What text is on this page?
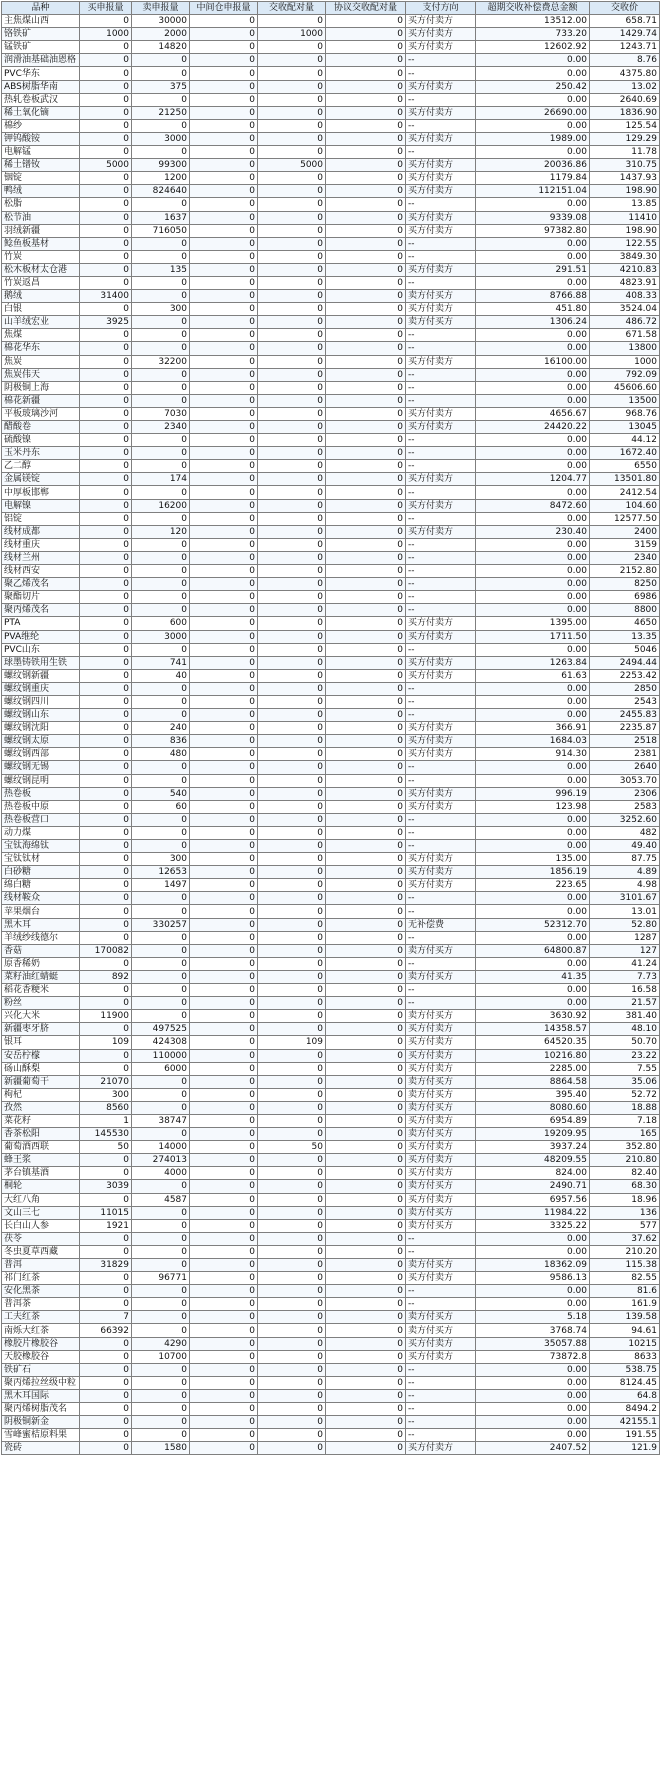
品种	买申报量	卖申报量	中间仓申报量	交收配对量	协议交收配对量	支付方向	超期交收补偿费总金额	交收价
主焦煤山西	0	30000	0	0	0	买方付卖方	13512.00	658.71
铬铁矿	1000	2000	0	1000	0	买方付卖方	733.20	1429.74
锰铁矿	0	14820	0	0	0	买方付卖方	12602.92	1243.71
润滑油基础油恩格	0	0	0	0	0	--	0.00	8.76
PVC华东	0	0	0	0	0	--	0.00	4375.80
ABS树脂华南	0	375	0	0	0	买方付卖方	250.42	13.02
热轧卷板武汉	0	0	0	0	0	--	0.00	2640.69
稀土氧化镝	0	21250	0	0	0	买方付卖方	26690.00	1836.90
棉纱	0	0	0	0	0	--	0.00	125.54
钾钨酸铵	0	3000	0	0	0	买方付卖方	1989.00	129.29
电解锰	0	0	0	0	0	--	0.00	11.78
稀土镨钕	5000	99300	0	5000	0	买方付卖方	20036.86	310.75
铟锭	0	1200	0	0	0	买方付卖方	1179.84	1437.93
鸭绒	0	824640	0	0	0	买方付卖方	112151.04	198.90
松脂	0	0	0	0	0	--	0.00	13.85
松节油	0	1637	0	0	0	买方付卖方	9339.08	11410
羽绒新疆	0	716050	0	0	0	买方付卖方	97382.80	198.90
鲶鱼板基材	0	0	0	0	0	--	0.00	122.55
竹炭	0	0	0	0	0	--	0.00	3849.30
松木板材太仓港	0	135	0	0	0	买方付卖方	291.51	4210.83
竹炭返昌	0	0	0	0	0	--	0.00	4823.91
鹅绒	31400	0	0	0	0	卖方付买方	8766.88	408.33
白银	0	300	0	0	0	买方付卖方	451.80	3524.04
山羊绒宏业	3925	0	0	0	0	卖方付买方	1306.24	486.72
焦煤	0	0	0	0	0	--	0.00	671.58
棉花华东	0	0	0	0	0	--	0.00	13800
焦炭	0	32200	0	0	0	买方付卖方	16100.00	1000
焦炭伟天	0	0	0	0	0	--	0.00	792.09
阴极铜上海	0	0	0	0	0	--	0.00	45606.60
棉花新疆	0	0	0	0	0	--	0.00	13500
平板玻璃沙河	0	7030	0	0	0	买方付卖方	4656.67	968.76
醋酸卷	0	2340	0	0	0	买方付卖方	24420.22	13045
硫酸镍	0	0	0	0	0	--	0.00	44.12
玉米丹东	0	0	0	0	0	--	0.00	1672.40
乙二醇	0	0	0	0	0	--	0.00	6550
金属镁锭	0	174	0	0	0	买方付卖方	1204.77	13501.80
中厚板邯郸	0	0	0	0	0	--	0.00	2412.54
电解镍	0	16200	0	0	0	买方付卖方	8472.60	104.60
铝锭	0	0	0	0	0	--	0.00	12577.50
线材成都	0	120	0	0	0	买方付卖方	230.40	2400
线材重庆	0	0	0	0	0	--	0.00	3159
线材兰州	0	0	0	0	0	--	0.00	2340
线材西安	0	0	0	0	0	--	0.00	2152.80
聚乙烯茂名	0	0	0	0	0	--	0.00	8250
聚酯切片	0	0	0	0	0	--	0.00	6986
聚丙烯茂名	0	0	0	0	0	--	0.00	8800
PTA	0	600	0	0	0	买方付卖方	1395.00	4650
PVA维纶	0	3000	0	0	0	买方付卖方	1711.50	13.35
PVC山东	0	0	0	0	0	--	0.00	5046
球墨铸铁用生铁	0	741	0	0	0	买方付卖方	1263.84	2494.44
螺纹钢新疆	0	40	0	0	0	买方付卖方	61.63	2253.42
螺纹钢重庆	0	0	0	0	0	--	0.00	2850
螺纹钢四川	0	0	0	0	0	--	0.00	2543
螺纹钢山东	0	0	0	0	0	--	0.00	2455.83
螺纹钢沈阳	0	240	0	0	0	买方付卖方	366.91	2235.87
螺纹钢太原	0	836	0	0	0	买方付卖方	1684.03	2518
螺纹钢西部	0	480	0	0	0	买方付卖方	914.30	2381
螺纹钢无锡	0	0	0	0	0	--	0.00	2640
螺纹钢昆明	0	0	0	0	0	--	0.00	3053.70
热卷板	0	540	0	0	0	买方付卖方	996.19	2306
热卷板中原	0	60	0	0	0	买方付卖方	123.98	2583
热卷板营口	0	0	0	0	0	--	0.00	3252.60
动力煤	0	0	0	0	0	--	0.00	482
宝钛海绵钛	0	0	0	0	0	--	0.00	49.40
宝钛钛材	0	300	0	0	0	买方付卖方	135.00	87.75
白砂糖	0	12653	0	0	0	买方付卖方	1856.19	4.89
绵白糖	0	1497	0	0	0	买方付卖方	223.65	4.98
线材鞍众	0	0	0	0	0	--	0.00	3101.67
苹果烟台	0	0	0	0	0	--	0.00	13.01
黑木耳	0	330257	0	0	0	无补偿费	52312.70	52.80
羊绒纱线德尔	0	0	0	0	0	--	0.00	1287
香菇	170082	0	0	0	0	卖方付买方	64800.87	127
原香稀奶	0	0	0	0	0	--	0.00	41.24
菜籽油红蜻蜓	892	0	0	0	0	卖方付买方	41.35	7.73
稻花香粳米	0	0	0	0	0	--	0.00	16.58
粉丝	0	0	0	0	0	--	0.00	21.57
兴化大米	11900	0	0	0	0	卖方付买方	3630.92	381.40
新疆枣牙脐	0	497525	0	0	0	买方付卖方	14358.57	48.10
银耳	109	424308	0	109	0	买方付卖方	64520.35	50.70
安岳柠檬	0	110000	0	0	0	买方付卖方	10216.80	23.22
砀山酥梨	0	6000	0	0	0	买方付卖方	2285.00	7.55
新疆葡萄干	21070	0	0	0	0	卖方付买方	8864.58	35.06
枸杞	300	0	0	0	0	卖方付买方	395.40	52.72
孜然	8560	0	0	0	0	卖方付买方	8080.60	18.88
菜花籽	1	38747	0	0	0	买方付卖方	6954.89	7.18
香茶松阳	145530	0	0	0	0	卖方付买方	19209.95	165
葡萄酒西联	50	14000	0	50	0	买方付卖方	3937.24	352.80
蜂王浆	0	274013	0	0	0	买方付卖方	48209.55	210.80
茅台镇基酒	0	4000	0	0	0	买方付卖方	824.00	82.40
桐轮	3039	0	0	0	0	卖方付买方	2490.71	68.30
大红八角	0	4587	0	0	0	买方付卖方	6957.56	18.96
文山三七	11015	0	0	0	0	卖方付买方	11984.22	136
长白山人参	1921	0	0	0	0	卖方付买方	3325.22	577
茯苓	0	0	0	0	0	--	0.00	37.62
冬虫夏草西藏	0	0	0	0	0	--	0.00	210.20
普洱	31829	0	0	0	0	卖方付买方	18362.09	115.38
祁门红茶	0	96771	0	0	0	买方付卖方	9586.13	82.55
安化黑茶	0	0	0	0	0	--	0.00	81.6
普洱茶	0	0	0	0	0	--	0.00	161.9
工夫红茶	7	0	0	0	0	卖方付买方	5.18	139.58
南烁大红茶	66392	0	0	0	0	卖方付买方	3768.74	94.61
橡胶片橡胶谷	0	4290	0	0	0	买方付卖方	35057.88	10215
天胶橡胶谷	0	10700	0	0	0	买方付卖方	73872.8	8633
铁矿石	0	0	0	0	0	--	0.00	538.75
聚丙烯拉丝级中粒	0	0	0	0	0	--	0.00	8124.45
黑木耳国际	0	0	0	0	0	--	0.00	64.8
聚丙烯树脂茂名	0	0	0	0	0	--	0.00	8494.2
阴极铜新金	0	0	0	0	0	--	0.00	42155.1
雪峰蜜桔原料果	0	0	0	0	0	--	0.00	191.55
瓷砖	0	1580	0	0	0	买方付卖方	2407.52	121.9
